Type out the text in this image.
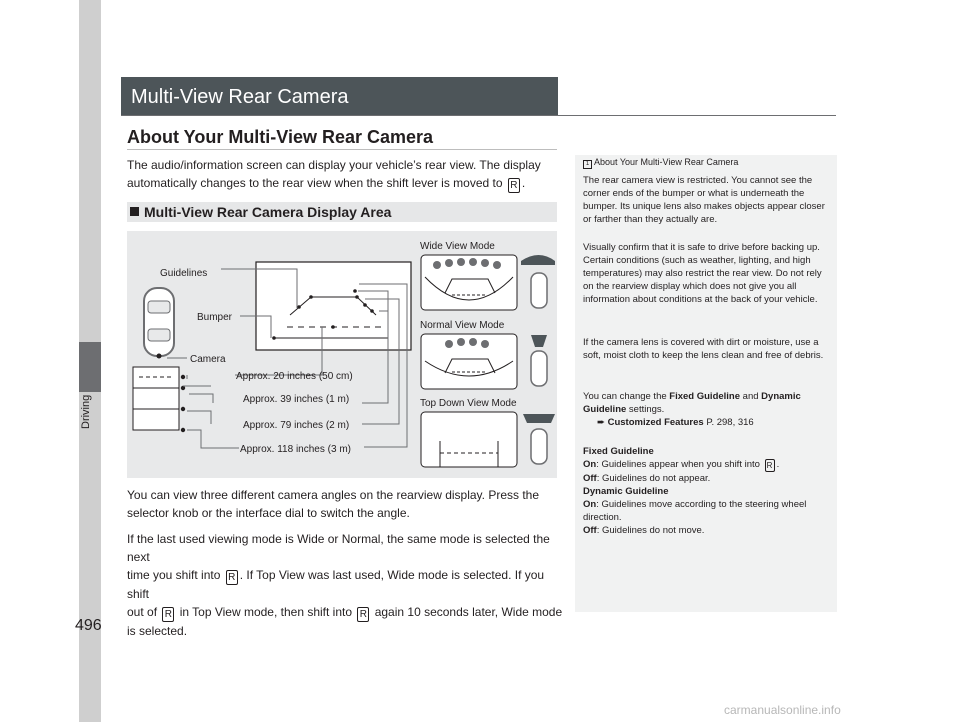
Driving
Multi-View Rear Camera
About Your Multi-View Rear Camera
The audio/information screen can display your vehicle’s rear view. The display
automatically changes to the rear view when the shift lever is moved to R .
Multi-View Rear Camera Display Area
Guidelines
Bumper
Camera
Approx. 20 inches (50 cm)
Approx. 39 inches (1 m)
Approx. 79 inches (2 m)
Approx. 118 inches (3 m)
Wide View Mode
Normal View Mode
Top Down View Mode
You can view three different camera angles on the rearview display. Press the
selector knob or the interface dial to switch the angle.
If the last used viewing mode is Wide or Normal, the same mode is selected the next
time you shift into R . If Top View was last used, Wide mode is selected. If you shift
out of R in Top View mode, then shift into R again 10 seconds later, Wide mode
is selected.
1 About Your Multi-View Rear Camera
The rear camera view is restricted. You cannot see the corner ends of the bumper or what is underneath the bumper. Its unique lens also makes objects appear closer or farther than they actually are.
Visually confirm that it is safe to drive before backing up. Certain conditions (such as weather, lighting, and high temperatures) may also restrict the rear view. Do not rely on the rearview display which does not give you all information about conditions at the back of your vehicle.
If the camera lens is covered with dirt or moisture, use a soft, moist cloth to keep the lens clean and free of debris.
You can change the Fixed Guideline and Dynamic Guideline settings.
➨ Customized Features P. 298, 316
Fixed Guideline
On: Guidelines appear when you shift into R .
Off: Guidelines do not appear.
Dynamic Guideline
On: Guidelines move according to the steering wheel direction.
Off: Guidelines do not move.
496
carmanualsonline.info
